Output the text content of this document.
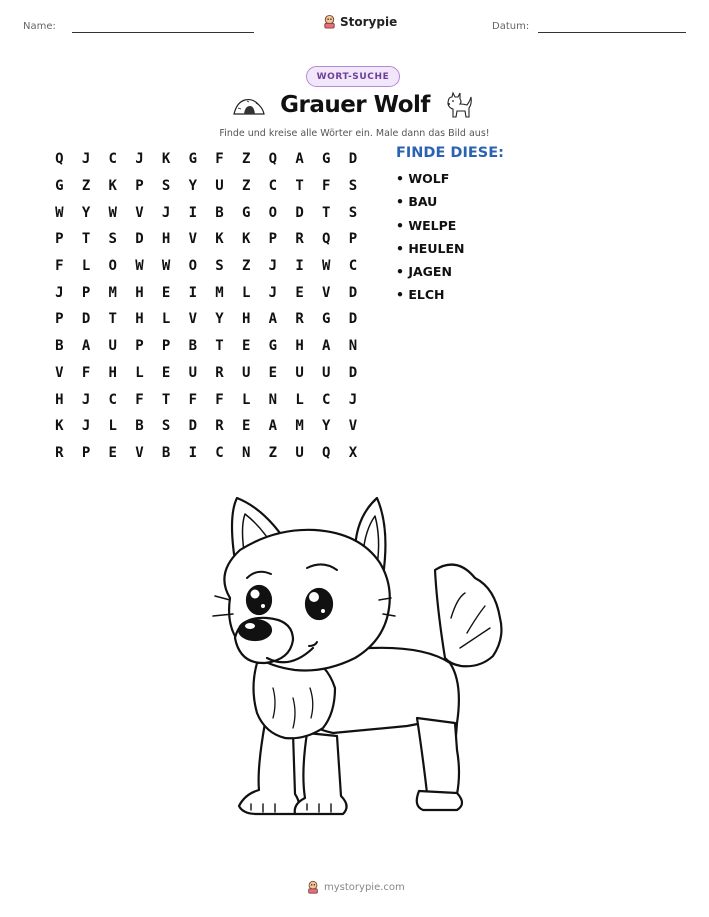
Name:	Storypie	Datum:
WORT-SUCHE
Grauer Wolf
Finde und kreise alle Wörter ein. Male dann das Bild aus!
Q	J	C	J	K	G	F	Z	Q	A	G	D
G	Z	K	P	S	Y	U	Z	C	T	F	S
W	Y	W	V	J	I	B	G	O	D	T	S
P	T	S	D	H	V	K	K	P	R	Q	P
F	L	O	W	W	O	S	Z	J	I	W	C
J	P	M	H	E	I	M	L	J	E	V	D
P	D	T	H	L	V	Y	H	A	R	G	D
B	A	U	P	P	B	T	E	G	H	A	N
V	F	H	L	E	U	R	U	E	U	U	D
H	J	C	F	T	F	F	L	N	L	C	J
K	J	L	B	S	D	R	E	A	M	Y	V
R	P	E	V	B	I	C	N	Z	U	Q	X
FINDE DIESE:
• WOLF
• BAU
• WELPE
• HEULEN
• JAGEN
• ELCH
mystorypie.com
